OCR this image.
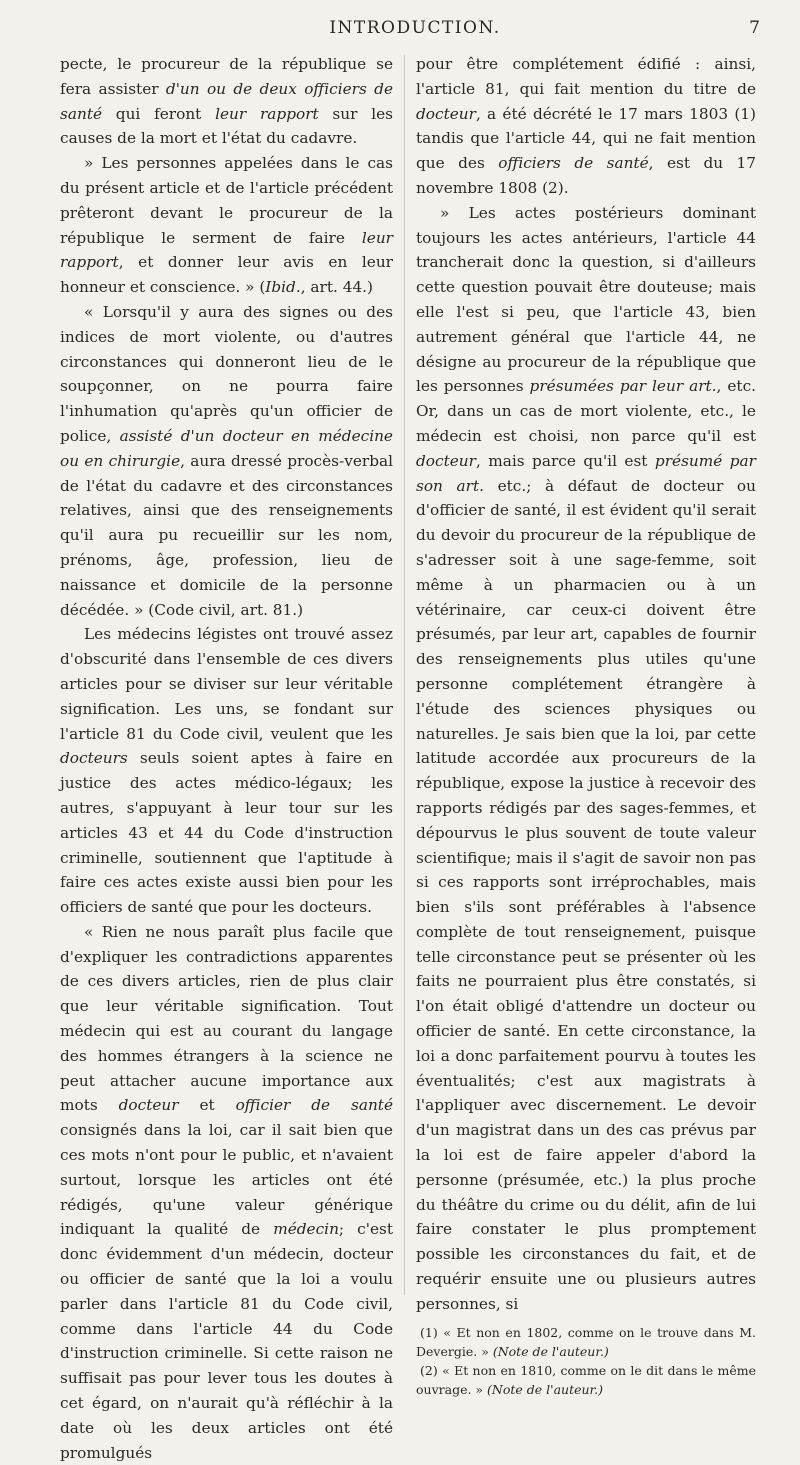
INTRODUCTION.	7

pecte, le procureur de la république se fera assister d'un ou de deux officiers de santé qui feront leur rapport sur les causes de la mort et l'état du cadavre.

» Les personnes appelées dans le cas du présent article et de l'article précédent prêteront devant le procureur de la république le serment de faire leur rapport, et donner leur avis en leur honneur et conscience. » (Ibid., art. 44.)

« Lorsqu'il y aura des signes ou des indices de mort violente, ou d'autres circonstances qui donneront lieu de le soupçonner, on ne pourra faire l'inhumation qu'après qu'un officier de police, assisté d'un docteur en médecine ou en chirurgie, aura dressé procès-verbal de l'état du cadavre et des circonstances relatives, ainsi que des renseignements qu'il aura pu recueillir sur les nom, prénoms, âge, profession, lieu de naissance et domicile de la personne décédée. » (Code civil, art. 81.)

Les médecins légistes ont trouvé assez d'obscurité dans l'ensemble de ces divers articles pour se diviser sur leur véritable signification. Les uns, se fondant sur l'article 81 du Code civil, veulent que les docteurs seuls soient aptes à faire en justice des actes médico-légaux; les autres, s'appuyant à leur tour sur les articles 43 et 44 du Code d'instruction criminelle, soutiennent que l'aptitude à faire ces actes existe aussi bien pour les officiers de santé que pour les docteurs.

« Rien ne nous paraît plus facile que d'expliquer les contradictions apparentes de ces divers articles, rien de plus clair que leur véritable signification. Tout médecin qui est au courant du langage des hommes étrangers à la science ne peut attacher aucune importance aux mots docteur et officier de santé consignés dans la loi, car il sait bien que ces mots n'ont pour le public, et n'avaient surtout, lorsque les articles ont été rédigés, qu'une valeur générique indiquant la qualité de médecin; c'est donc évidemment d'un médecin, docteur ou officier de santé que la loi a voulu parler dans l'article 81 du Code civil, comme dans l'article 44 du Code d'instruction criminelle. Si cette raison ne suffisait pas pour lever tous les doutes à cet égard, on n'aurait qu'à réfléchir à la date où les deux articles ont été promulgués

pour être complétement édifié : ainsi, l'article 81, qui fait mention du titre de docteur, a été décrété le 17 mars 1803 (1) tandis que l'article 44, qui ne fait mention que des officiers de santé, est du 17 novembre 1808 (2).

» Les actes postérieurs dominant toujours les actes antérieurs, l'article 44 trancherait donc la question, si d'ailleurs cette question pouvait être douteuse; mais elle l'est si peu, que l'article 43, bien autrement général que l'article 44, ne désigne au procureur de la république que les personnes présumées par leur art., etc. Or, dans un cas de mort violente, etc., le médecin est choisi, non parce qu'il est docteur, mais parce qu'il est présumé par son art. etc.; à défaut de docteur ou d'officier de santé, il est évident qu'il serait du devoir du procureur de la république de s'adresser soit à une sage-femme, soit même à un pharmacien ou à un vétérinaire, car ceux-ci doivent être présumés, par leur art, capables de fournir des renseignements plus utiles qu'une personne complétement étrangère à l'étude des sciences physiques ou naturelles. Je sais bien que la loi, par cette latitude accordée aux procureurs de la république, expose la justice à recevoir des rapports rédigés par des sages-femmes, et dépourvus le plus souvent de toute valeur scientifique; mais il s'agit de savoir non pas si ces rapports sont irréprochables, mais bien s'ils sont préférables à l'absence complète de tout renseignement, puisque telle circonstance peut se présenter où les faits ne pourraient plus être constatés, si l'on était obligé d'attendre un docteur ou officier de santé. En cette circonstance, la loi a donc parfaitement pourvu à toutes les éventualités; c'est aux magistrats à l'appliquer avec discernement. Le devoir d'un magistrat dans un des cas prévus par la loi est de faire appeler d'abord la personne (présumée, etc.) la plus proche du théâtre du crime ou du délit, afin de lui faire constater le plus promptement possible les circonstances du fait, et de requérir ensuite une ou plusieurs autres personnes, si

(1) « Et non en 1802, comme on le trouve dans M. Devergie. » (Note de l'auteur.)

(2) « Et non en 1810, comme on le dit dans le même ouvrage. » (Note de l'auteur.)
